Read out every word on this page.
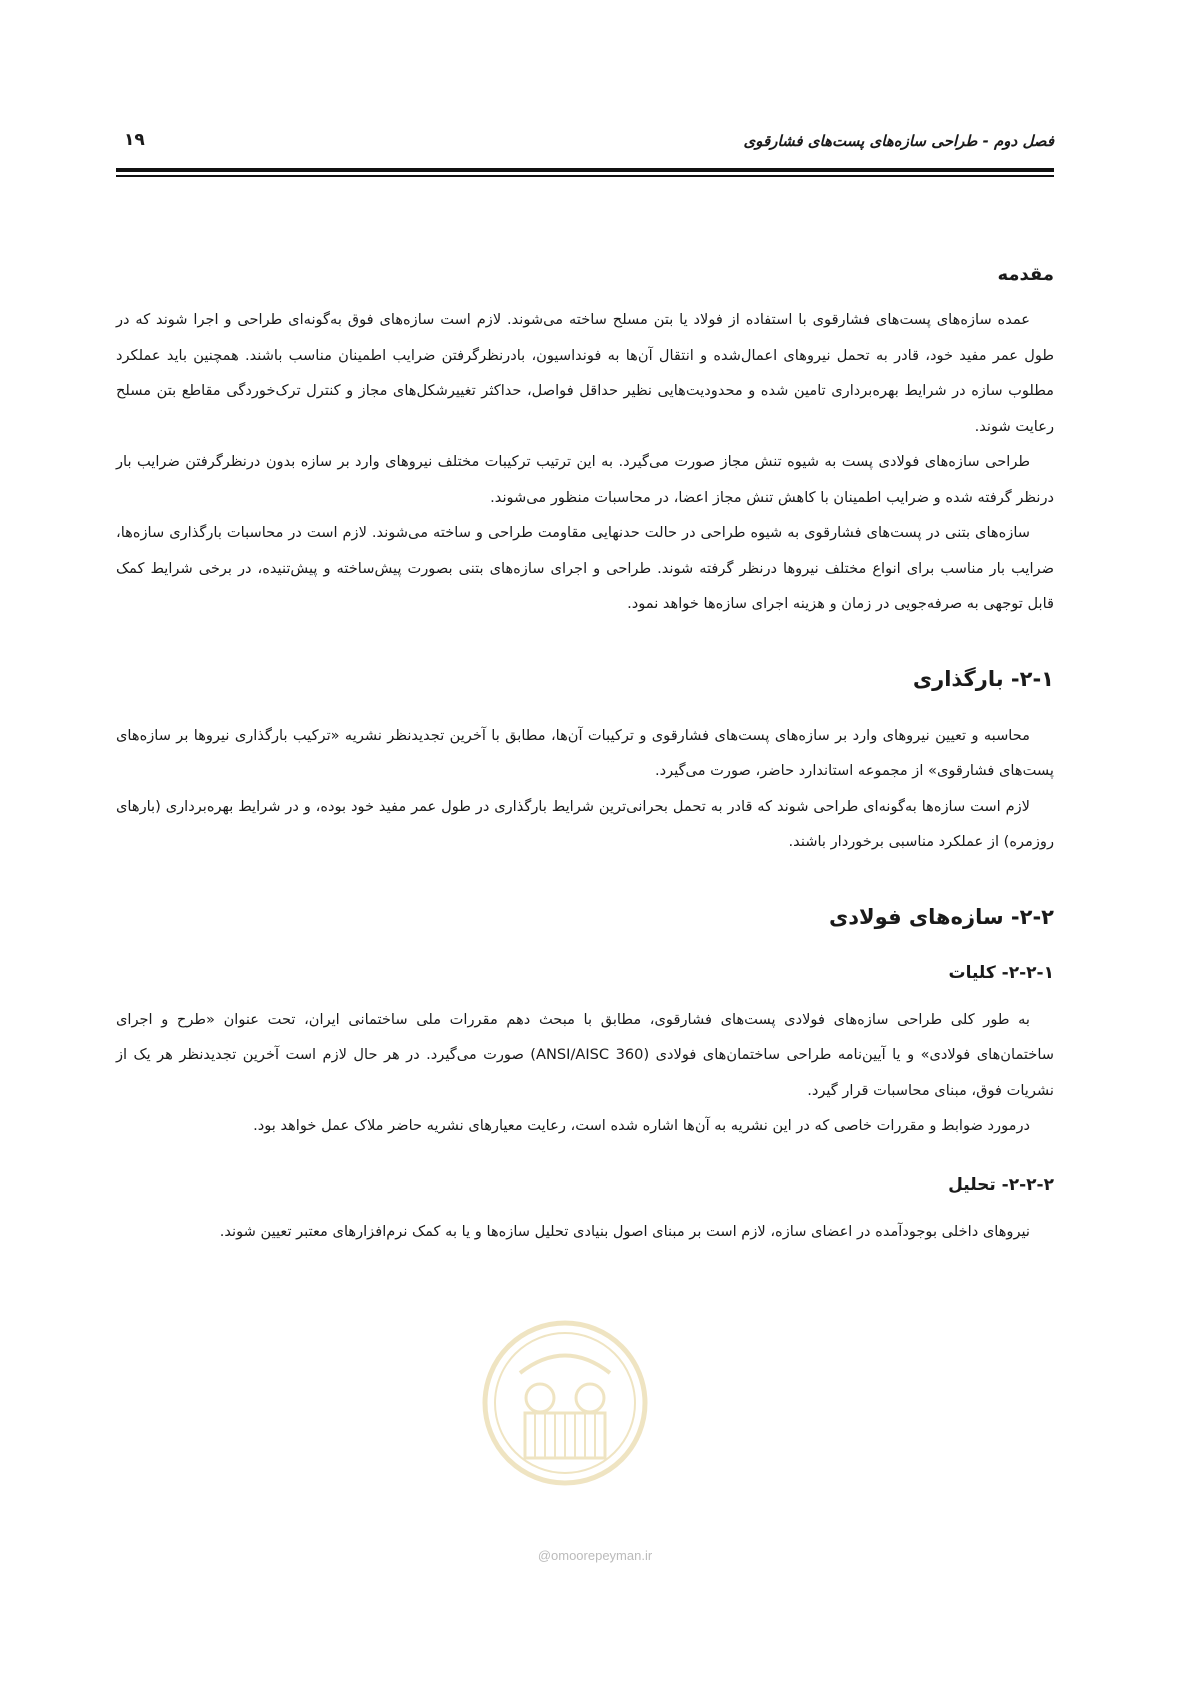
فصل دوم - طراحی سازه‌های پست‌های فشارقوی
۱۹
مقدمه

عمده سازه‌های پست‌های فشارقوی با استفاده از فولاد یا بتن مسلح ساخته می‌شوند. لازم است سازه‌های فوق به‌گونه‌ای طراحی و اجرا شوند که در طول عمر مفید خود، قادر به تحمل نیروهای اعمال‌شده و انتقال آن‌ها به فونداسیون، بادرنظرگرفتن ضرایب اطمینان مناسب باشند. همچنین باید عملکرد مطلوب سازه در شرایط بهره‌برداری تامین شده و محدودیت‌هایی نظیر حداقل فواصل، حداکثر تغییرشکل‌های مجاز و کنترل ترک‌خوردگی مقاطع بتن مسلح رعایت شوند.

طراحی سازه‌های فولادی پست به شیوه تنش مجاز صورت می‌گیرد. به این ترتیب ترکیبات مختلف نیروهای وارد بر سازه بدون درنظرگرفتن ضرایب بار درنظر گرفته شده و ضرایب اطمینان با کاهش تنش مجاز اعضا، در محاسبات منظور می‌شوند.

سازه‌های بتنی در پست‌های فشارقوی به شیوه طراحی در حالت حدنهایی مقاومت طراحی و ساخته می‌شوند. لازم است در محاسبات بارگذاری سازه‌ها، ضرایب بار مناسب برای انواع مختلف نیروها درنظر گرفته شوند. طراحی و اجرای سازه‌های بتنی بصورت پیش‌ساخته و پیش‌تنیده، در برخی شرایط کمک قابل توجهی به صرفه‌جویی در زمان و هزینه اجرای سازه‌ها خواهد نمود.

۲-۱- بارگذاری

محاسبه و تعیین نیروهای وارد بر سازه‌های پست‌های فشارقوی و ترکیبات آن‌ها، مطابق با آخرین تجدیدنظر نشریه «ترکیب بارگذاری نیروها بر سازه‌های پست‌های فشارقوی» از مجموعه استاندارد حاضر، صورت می‌گیرد.

لازم است سازه‌ها به‌گونه‌ای طراحی شوند که قادر به تحمل بحرانی‌ترین شرایط بارگذاری در طول عمر مفید خود بوده، و در شرایط بهره‌برداری (بارهای روزمره) از عملکرد مناسبی برخوردار باشند.

۲-۲- سازه‌های فولادی
۲-۲-۱- کلیات

به طور کلی طراحی سازه‌های فولادی پست‌های فشارقوی، مطابق با مبحث دهم مقررات ملی ساختمانی ایران، تحت عنوان «طرح و اجرای ساختمان‌های فولادی» و یا آیین‌نامه طراحی ساختمان‌های فولادی (ANSI/AISC 360) صورت می‌گیرد. در هر حال لازم است آخرین تجدیدنظر هر یک از نشریات فوق، مبنای محاسبات قرار گیرد.

درمورد ضوابط و مقررات خاصی که در این نشریه به آن‌ها اشاره شده است، رعایت معیارهای نشریه حاضر ملاک عمل خواهد بود.

۲-۲-۲- تحلیل

نیروهای داخلی بوجودآمده در اعضای سازه، لازم است بر مبنای اصول بنیادی تحلیل سازه‌ها و یا به کمک نرم‌افزارهای معتبر تعیین شوند.

@omoorepeyman.ir
